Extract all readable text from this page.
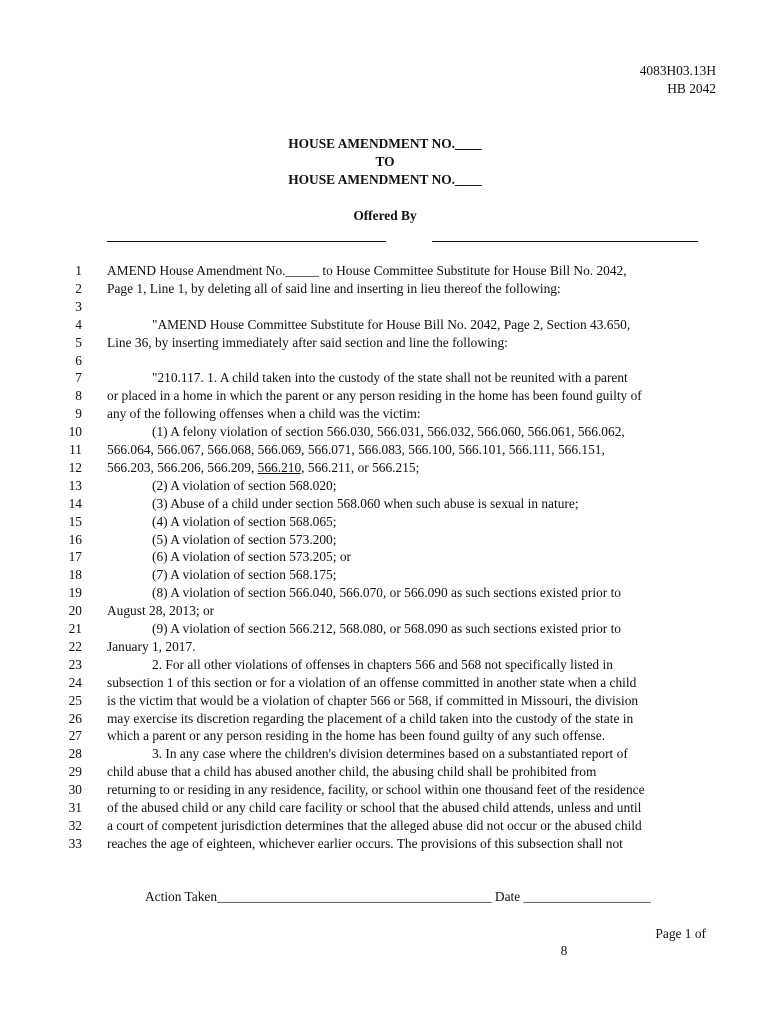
4083H03.13H
HB 2042
HOUSE AMENDMENT NO.____
TO
HOUSE AMENDMENT NO.____
Offered By
1 AMEND House Amendment No._____ to House Committee Substitute for House Bill No. 2042,
2 Page 1, Line 1, by deleting all of said line and inserting in lieu thereof the following:
3
4	"AMEND House Committee Substitute for House Bill No. 2042, Page 2, Section 43.650,
5 Line 36, by inserting immediately after said section and line the following:
6
7	"210.117. 1. A child taken into the custody of the state shall not be reunited with a parent
8 or placed in a home in which the parent or any person residing in the home has been found guilty of
9 any of the following offenses when a child was the victim:
10	(1) A felony violation of section 566.030, 566.031, 566.032, 566.060, 566.061, 566.062,
11 566.064, 566.067, 566.068, 566.069, 566.071, 566.083, 566.100, 566.101, 566.111, 566.151,
12 566.203, 566.206, 566.209, 566.210, 566.211, or 566.215;
13	(2) A violation of section 568.020;
14	(3) Abuse of a child under section 568.060 when such abuse is sexual in nature;
15	(4) A violation of section 568.065;
16	(5) A violation of section 573.200;
17	(6) A violation of section 573.205; or
18	(7) A violation of section 568.175;
19	(8) A violation of section 566.040, 566.070, or 566.090 as such sections existed prior to
20 August 28, 2013; or
21	(9) A violation of section 566.212, 568.080, or 568.090 as such sections existed prior to
22 January 1, 2017.
23	2. For all other violations of offenses in chapters 566 and 568 not specifically listed in
24 subsection 1 of this section or for a violation of an offense committed in another state when a child
25 is the victim that would be a violation of chapter 566 or 568, if committed in Missouri, the division
26 may exercise its discretion regarding the placement of a child taken into the custody of the state in
27 which a parent or any person residing in the home has been found guilty of any such offense.
28	3. In any case where the children's division determines based on a substantiated report of
29 child abuse that a child has abused another child, the abusing child shall be prohibited from
30 returning to or residing in any residence, facility, or school within one thousand feet of the residence
31 of the abused child or any child care facility or school that the abused child attends, unless and until
32 a court of competent jurisdiction determines that the alleged abuse did not occur or the abused child
33 reaches the age of eighteen, whichever earlier occurs. The provisions of this subsection shall not
Action Taken_________________________________________ Date ___________________
Page 1 of
8
